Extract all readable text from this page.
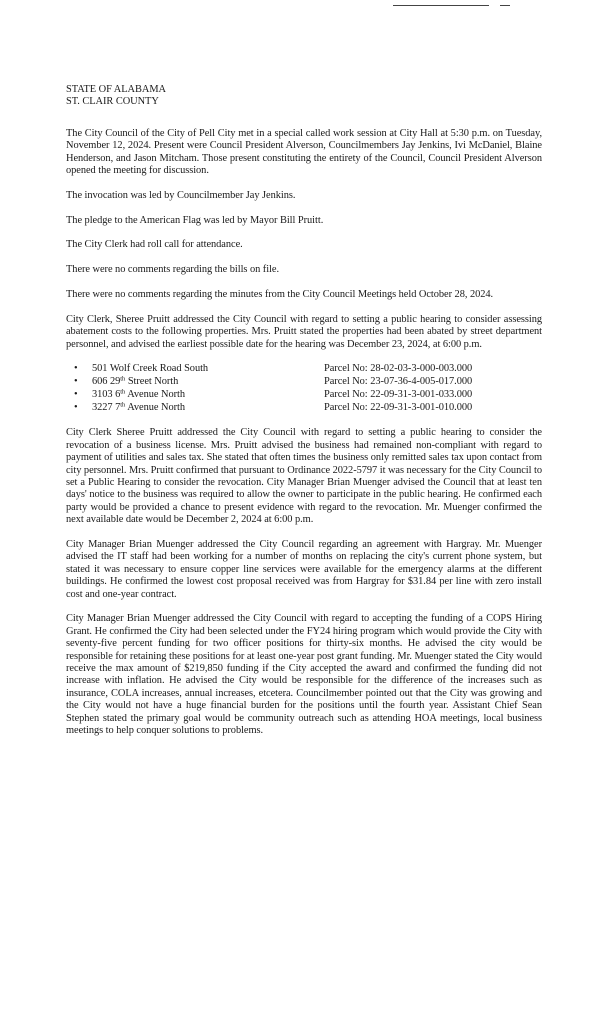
STATE OF ALABAMA
ST. CLAIR COUNTY

The City Council of the City of Pell City met in a special called work session at City Hall at 5:30 p.m. on Tuesday, November 12, 2024. Present were Council President Alverson, Councilmembers Jay Jenkins, Ivi McDaniel, Blaine Henderson, and Jason Mitcham. Those present constituting the entirety of the Council, Council President Alverson opened the meeting for discussion.

The invocation was led by Councilmember Jay Jenkins.

The pledge to the American Flag was led by Mayor Bill Pruitt.

The City Clerk had roll call for attendance.

There were no comments regarding the bills on file.

There were no comments regarding the minutes from the City Council Meetings held October 28, 2024.

City Clerk, Sheree Pruitt addressed the City Council with regard to setting a public hearing to consider assessing abatement costs to the following properties. Mrs. Pruitt stated the properties had been abated by street department personnel, and advised the earliest possible date for the hearing was December 23, 2024, at 6:00 p.m.

•	501 Wolf Creek Road South	Parcel No: 28-02-03-3-000-003.000
•	606 29th Street North	Parcel No: 23-07-36-4-005-017.000
•	3103 6th Avenue North	Parcel No: 22-09-31-3-001-033.000
•	3227 7th Avenue North	Parcel No: 22-09-31-3-001-010.000

City Clerk Sheree Pruitt addressed the City Council with regard to setting a public hearing to consider the revocation of a business license. Mrs. Pruitt advised the business had remained non-compliant with regard to payment of utilities and sales tax. She stated that often times the business only remitted sales tax upon contact from city personnel. Mrs. Pruitt confirmed that pursuant to Ordinance 2022-5797 it was necessary for the City Council to set a Public Hearing to consider the revocation. City Manager Brian Muenger advised the Council that at least ten days' notice to the business was required to allow the owner to participate in the public hearing. He confirmed each party would be provided a chance to present evidence with regard to the revocation. Mr. Muenger confirmed the next available date would be December 2, 2024 at 6:00 p.m.

City Manager Brian Muenger addressed the City Council regarding an agreement with Hargray. Mr. Muenger advised the IT staff had been working for a number of months on replacing the city's current phone system, but stated it was necessary to ensure copper line services were available for the emergency alarms at the different buildings. He confirmed the lowest cost proposal received was from Hargray for $31.84 per line with zero install cost and one-year contract.

City Manager Brian Muenger addressed the City Council with regard to accepting the funding of a COPS Hiring Grant. He confirmed the City had been selected under the FY24 hiring program which would provide the City with seventy-five percent funding for two officer positions for thirty-six months. He advised the city would be responsible for retaining these positions for at least one-year post grant funding. Mr. Muenger stated the City would receive the max amount of $219,850 funding if the City accepted the award and confirmed the funding did not increase with inflation. He advised the City would be responsible for the difference of the increases such as insurance, COLA increases, annual increases, etcetera. Councilmember pointed out that the City was growing and the City would not have a huge financial burden for the positions until the fourth year. Assistant Chief Sean Stephen stated the primary goal would be community outreach such as attending HOA meetings, local business meetings to help conquer solutions to problems.
